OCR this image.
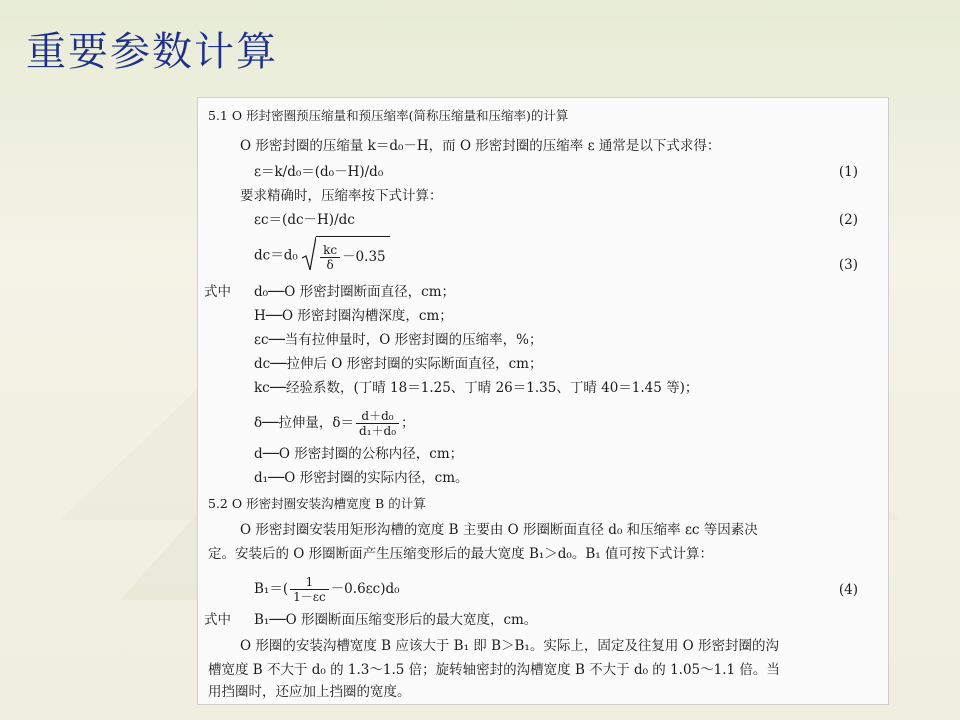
重要参数计算
5.1 O 形封密圈预压缩量和预压缩率(简称压缩量和压缩率)的计算
O 形密封圈的压缩量 k＝d₀－H，而 O 形密封圈的压缩率 ε 通常是以下式求得：
ε＝k/d₀＝(d₀－H)/d₀	(1)
要求精确时，压缩率按下式计算：
εc＝(dc－H)/dc	(2)
$dc=d_0 \frac{kc}{\delta} -0.35$	(3)
式中 d₀──O 形密封圈断面直径，cm；
H──O 形密封圈沟槽深度，cm；
εc──当有拉伸量时，O 形密封圈的压缩率，%；
dc──拉伸后 O 形密封圈的实际断面直径，cm；
kc──经验系数，(丁晴 18＝1.25、丁晴 26＝1.35、丁晴 40＝1.45 等)；
δ──拉伸量，$\delta= \frac{\text{d＋d₀}}{\text{d₁＋d₀}}$ ；
d──O 形密封圈的公称内径，cm；
d₁──O 形密封圈的实际内径，cm。
5.2 O 形密封圈安装沟槽宽度 B 的计算
O 形密封圈安装用矩形沟槽的宽度 B 主要由 O 形圈断面直径 d₀ 和压缩率 εc 等因素决
定。安装后的 O 形圈断面产生压缩变形后的最大宽度 B₁＞d₀。B₁ 值可按下式计算：
$B_1=( \frac{1}{1-\varepsilon c} -0.6\varepsilon c)d_0$	(4)
式中 B₁──O 形圈断面压缩变形后的最大宽度，cm。
O 形圈的安装沟槽宽度 B 应该大于 B₁ 即 B＞B₁。实际上，固定及往复用 O 形密封圈的沟
槽宽度 B 不大于 d₀ 的 1.3～1.5 倍；旋转轴密封的沟槽宽度 B 不大于 d₀ 的 1.05～1.1 倍。当
用挡圈时，还应加上挡圈的宽度。
